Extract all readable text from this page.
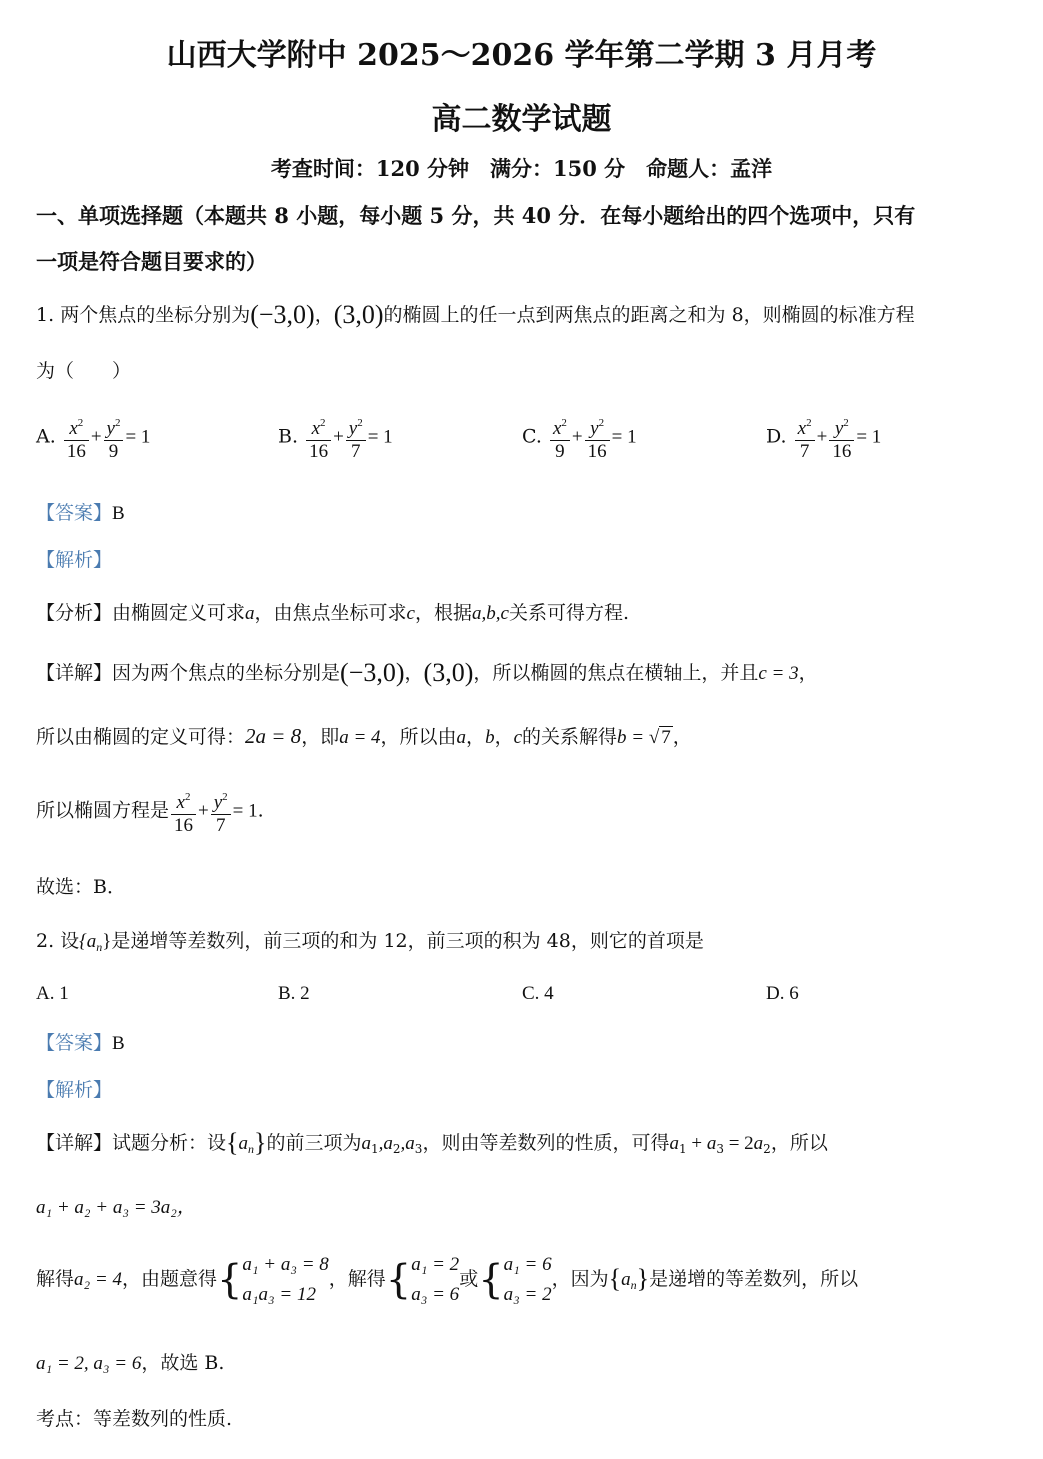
山西大学附中 2025～2026 学年第二学期 3 月月考
高二数学试题
考查时间：120 分钟　满分：150 分　命题人：孟洋
一、单项选择题（本题共 8 小题，每小题 5 分，共 40 分．在每小题给出的四个选项中，只有
一项是符合题目要求的）
1. 两个焦点的坐标分别为(−3,0)，(3,0)的椭圆上的任一点到两焦点的距离之和为 8，则椭圆的标准方程
为（　　）
A. $\frac{x^2}{16} + \frac{y^2}{9} = 1$	B. $\frac{x^2}{16} + \frac{y^2}{7} = 1$	C. $\frac{x^2}{9} + \frac{y^2}{16} = 1$	D. $\frac{x^2}{7} + \frac{y^2}{16} = 1$
【答案】B
【解析】
【分析】由椭圆定义可求a，由焦点坐标可求c，根据a,b,c关系可得方程.
【详解】因为两个焦点的坐标分别是(−3,0)，(3,0)，所以椭圆的焦点在横轴上，并且c = 3，
所以由椭圆的定义可得：2a = 8，即a = 4，所以由a，b，c的关系解得b = √ 7 ，
所以椭圆方程是 $\frac{x^2}{16} + \frac{y^2}{7} = 1$.
故选：B．
2. 设$\{a_n\}$是递增等差数列，前三项的和为 12，前三项的积为 48，则它的首项是
A. 1	B. 2	C. 4	D. 6
【答案】B
【解析】
【详解】试题分析：设$\{a_n\}$的前三项为$a_1,a_2,a_3$，则由等差数列的性质，可得$a_1 + a_3 = 2a_2$，所以
a₁ + a₂ + a₃ = 3a₂，
解得a₂ = 4，由题意得{ a₁ + a₃ = 8
a₁a₃ = 12
，解得{ a₁ = 2
a₃ = 6
或{ a₁ = 6
a₃ = 2
，因为$\{a_n\}$是递增的等差数列，所以
a₁ = 2, a₃ = 6，故选 B.
考点：等差数列的性质.
